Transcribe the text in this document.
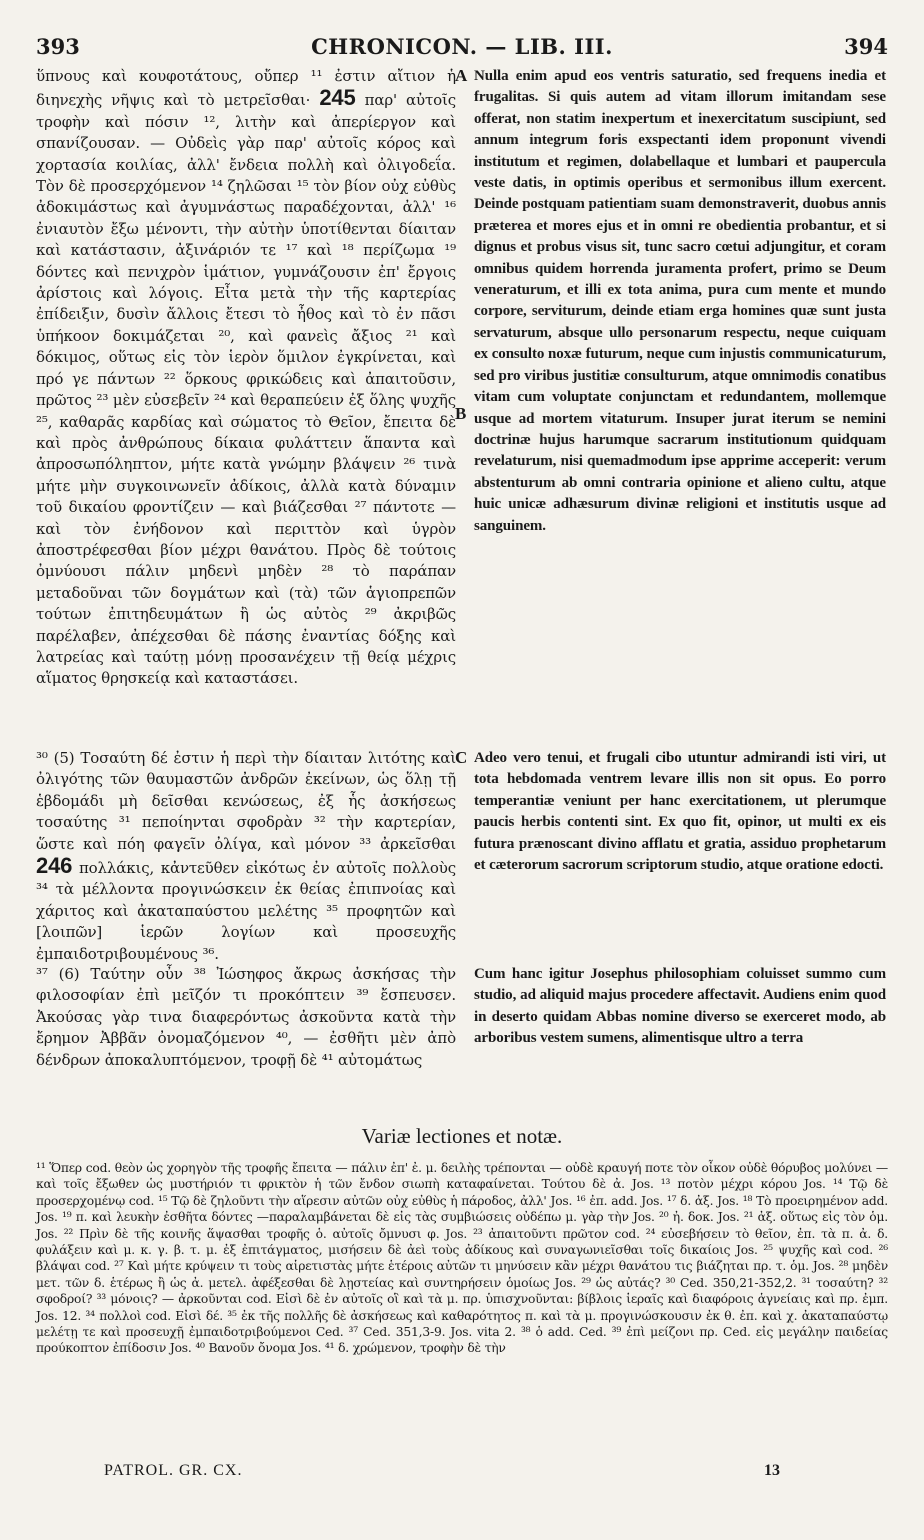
393	CHRONICON. — LIB. III.	394

ὕπνους καὶ κουφοτάτους, οὔπερ ¹¹ ἐστιν αἴτιον ἡ διηνεχὴς νῆψις καὶ τὸ μετρεῖσθαι· 245 παρ' αὐτοῖς τροφὴν καὶ πόσιν ¹², λιτὴν καὶ ἀπερίεργον καὶ σπανίζουσαν. — Οὐδεὶς γὰρ παρ' αὐτοῖς κόρος καὶ χορτασία κοιλίας, ἀλλ' ἔνδεια πολλὴ καὶ ὀλιγοδεΐα. Τὸν δὲ προσερχόμενον ¹⁴ ζηλῶσαι ¹⁵ τὸν βίον οὐχ εὐθὺς ἀδοκιμάστως καὶ ἀγυμνάστως παραδέχονται, ἀλλ' ¹⁶ ἐνιαυτὸν ἔξω μένοντι, τὴν αὐτὴν ὑποτίθενται δίαιταν καὶ κατάστασιν, ἀξινάριόν τε ¹⁷ καὶ ¹⁸ περίζωμα ¹⁹ δόντες καὶ πενιχρὸν ἱμάτιον, γυμνάζουσιν ἐπ' ἔργοις ἀρίστοις καὶ λόγοις. Εἶτα μετὰ τὴν τῆς καρτερίας ἐπίδειξιν, δυσὶν ἄλλοις ἔτεσι τὸ ἦθος καὶ τὸ ἐν πᾶσι ὑπήκοον δοκιμάζεται ²⁰, καὶ φανεὶς ἄξιος ²¹ καὶ δόκιμος, οὕτως εἰς τὸν ἱερὸν ὅμιλον ἐγκρίνεται, καὶ πρό γε πάντων ²² ὅρκους φρικώδεις καὶ ἀπαιτοῦσιν, πρῶτος ²³ μὲν εὐσεβεῖν ²⁴ καὶ θεραπεύειν ἐξ ὅλης ψυχῆς ²⁵, καθαρᾶς καρδίας καὶ σώματος τὸ Θεῖον, ἔπειτα δὲ καὶ πρὸς ἀνθρώπους δίκαια φυλάττειν ἅπαντα καὶ ἀπροσωπόληπτον, μήτε κατὰ γνώμην βλάψειν ²⁶ τινὰ μήτε μὴν συγκοινωνεῖν ἀδίκοις, ἀλλὰ κατὰ δύναμιν τοῦ δικαίου φροντίζειν — καὶ βιάζεσθαι ²⁷ πάντοτε — καὶ τὸν ἐνήδονον καὶ περιττὸν καὶ ὑγρὸν ἀποστρέφεσθαι βίον μέχρι θανάτου. Πρὸς δὲ τούτοις ὀμνύουσι πάλιν μηδενὶ μηδὲν ²⁸ τὸ παράπαν μεταδοῦναι τῶν δογμάτων καὶ (τὰ) τῶν ἁγιοπρεπῶν τούτων ἐπιτηδευμάτων ἢ ὡς αὐτὸς ²⁹ ἀκριβῶς παρέλαβεν, ἀπέχεσθαι δὲ πάσης ἐναντίας δόξης καὶ λατρείας καὶ ταύτῃ μόνῃ προσανέχειν τῇ θείᾳ μέχρις αἵματος θρησκείᾳ καὶ καταστάσει.

Nulla enim apud eos ventris saturatio, sed frequens inedia et frugalitas. Si quis autem ad vitam illorum imitandam sese offerat, non statim inexpertum et inexercitatum suscipiunt, sed annum integrum foris exspectanti idem proponunt vivendi institutum et regimen, dolabellaque et lumbari et paupercula veste datis, in optimis operibus et sermonibus illum exercent. Deinde postquam patientiam suam demonstraverit, duobus annis præterea et mores ejus et in omni re obedientia probantur, et si dignus et probus visus sit, tunc sacro cœtui adjungitur, et coram omnibus quidem horrenda juramenta profert, primo se Deum veneraturum, et illi ex tota anima, pura cum mente et mundo corpore, serviturum, deinde etiam erga homines quæ sunt justa servaturum, absque ullo personarum respectu, neque cuiquam ex consulto noxæ futurum, neque cum injustis communicaturum, sed pro viribus justitiæ consulturum, atque omnimodis conatibus vitam cum voluptate conjunctam et redundantem, mollemque usque ad mortem vitaturum. Insuper jurat iterum se nemini doctrinæ hujus harumque sacrarum institutionum quidquam revelaturum, nisi quemadmodum ipse apprime acceperit: verum abstenturum ab omni contraria opinione et alieno cultu, atque huic unicæ adhæsurum divinæ religioni et institutis usque ad sanguinem.

A
B
C

³⁰ (5) Τοσαύτη δέ ἐστιν ἡ περὶ τὴν δίαιταν λιτότης καὶ ὀλιγότης τῶν θαυμαστῶν ἀνδρῶν ἐκείνων, ὡς ὅλῃ τῇ ἑβδομάδι μὴ δεῖσθαι κενώσεως, ἐξ ἧς ἀσκήσεως τοσαύτης ³¹ πεποίηνται σφοδρὰν ³² τὴν καρτερίαν, ὥστε καὶ πόη φαγεῖν ὀλίγα, καὶ μόνον ³³ ἀρκεῖσθαι 246 πολλάκις, κἀντεῦθεν εἰκότως ἐν αὐτοῖς πολλοὺς ³⁴ τὰ μέλλοντα προγινώσκειν ἐκ θείας ἐπιπνοίας καὶ χάριτος καὶ ἀκαταπαύστου μελέτης ³⁵ προφητῶν καὶ [λοιπῶν] ἱερῶν λογίων καὶ προσευχῆς ἐμπαιδοτριβουμένους ³⁶.

Adeo vero tenui, et frugali cibo utuntur admirandi isti viri, ut tota hebdomada ventrem levare illis non sit opus. Eo porro temperantiæ veniunt per hanc exercitationem, ut plerumque paucis herbis contenti sint. Ex quo fit, opinor, ut multi ex eis futura prænoscant divino afflatu et gratia, assiduo prophetarum et cæterorum sacrorum scriptorum studio, atque oratione edocti.

³⁷ (6) Ταύτην οὖν ³⁸ Ἰώσηφος ἄκρως ἀσκήσας τὴν φιλοσοφίαν ἐπὶ μεῖζόν τι προκόπτειν ³⁹ ἔσπευσεν. Ἀκούσας γὰρ τινα διαφερόντως ἀσκοῦντα κατὰ τὴν ἔρημον Ἀββᾶν ὀνομαζόμενον ⁴⁰, — ἐσθῆτι μὲν ἀπὸ δένδρων ἀποκαλυπτόμενον, τροφῇ δὲ ⁴¹ αὐτομάτως

Cum hanc igitur Josephus philosophiam coluisset summo cum studio, ad aliquid majus procedere affectavit. Audiens enim quod in deserto quidam Abbas nomine diverso se exerceret modo, ab arboribus vestem sumens, alimentisque ultro a terra

Variæ lectiones et notæ.

¹¹ Ὅπερ cod. θεὸν ὡς χορηγὸν τῆς τροφῆς ἔπειτα — πάλιν ἐπ' ἐ. μ. δειλὴς τρέπονται — οὐδὲ κραυγή ποτε τὸν οἶκον οὐδὲ θόρυβος μολύνει — καὶ τοῖς ἔξωθεν ὡς μυστήριόν τι φρικτὸν ἡ τῶν ἔνδον σιωπὴ καταφαίνεται. Τούτου δὲ ἀ. Jos. ¹³ ποτὸν μέχρι κόρου Jos. ¹⁴ Τῷ δὲ προσερχομένῳ cod. ¹⁵ Τῷ δὲ ζηλοῦντι τὴν αἵρεσιν αὐτῶν οὐχ εὐθὺς ἡ πάροδος, ἀλλ' Jos. ¹⁶ ἐπ. add. Jos. ¹⁷ δ. ἀξ. Jos. ¹⁸ Τὸ προειρημένον add. Jos. ¹⁹ π. καὶ λευκὴν ἐσθῆτα δόντες —παραλαμβάνεται δὲ εἰς τὰς συμβιώσεις οὐδέπω μ. γὰρ τὴν Jos. ²⁰ ἠ. δοκ. Jos. ²¹ ἀξ. οὕτως εἰς τὸν ὁμ. Jos. ²² Πρὶν δὲ τῆς κοινῆς ἅψασθαι τροφῆς ὁ. αὐτοῖς ὄμνυσι φ. Jos. ²³ ἀπαιτοῦντι πρῶτον cod. ²⁴ εὐσεβήσειν τὸ θεῖον, ἐπ. τὰ π. ἀ. δ. φυλάξειν καὶ μ. κ. γ. β. τ. μ. ἐξ ἐπιτάγματος, μισήσειν δὲ ἀεὶ τοὺς ἀδίκους καὶ συναγωνιεῖσθαι τοῖς δικαίοις Jos. ²⁵ ψυχῆς καὶ cod. ²⁶ βλάψαι cod. ²⁷ Καὶ μήτε κρύψειν τι τοὺς αἱρετιστὰς μήτε ἑτέροις αὐτῶν τι μηνύσειν κἂν μέχρι θανάτου τις βιάζηται πρ. τ. ὁμ. Jos. ²⁸ μηδὲν μετ. τῶν δ. ἑτέρως ἢ ὡς ἀ. μετελ. ἀφέξεσθαι δὲ λῃστείας καὶ συντηρήσειν ὁμοίως Jos. ²⁹ ὡς αὐτάς? ³⁰ Ced. 350,21-352,2. ³¹ τοσαύτη? ³² σφοδροί? ³³ μόνοις? — ἀρκοῦνται cod. Εἰσὶ δὲ ἐν αὐτοῖς οἳ καὶ τὰ μ. πρ. ὑπισχνοῦνται: βίβλοις ἱεραῖς καὶ διαφόροις ἁγνείαις καὶ πρ. ἐμπ. Jos. 12. ³⁴ πολλοὶ cod. Εἰσὶ δέ. ³⁵ ἐκ τῆς πολλῆς δὲ ἀσκήσεως καὶ καθαρότητος π. καὶ τὰ μ. προγινώσκουσιν ἐκ θ. ἐπ. καὶ χ. ἀκαταπαύστῳ μελέτῃ τε καὶ προσευχῇ ἐμπαιδοτριβούμενοι Ced. ³⁷ Ced. 351,3-9. Jos. vita 2. ³⁸ ὁ add. Ced. ³⁹ ἐπὶ μείζονι πρ. Ced. εἰς μεγάλην παιδείας προύκοπτον ἐπίδοσιν Jos. ⁴⁰ Βανοῦν ὄνομα Jos. ⁴¹ δ. χρώμενον, τροφὴν δὲ τὴν

PATROL. GR. CX.	13
